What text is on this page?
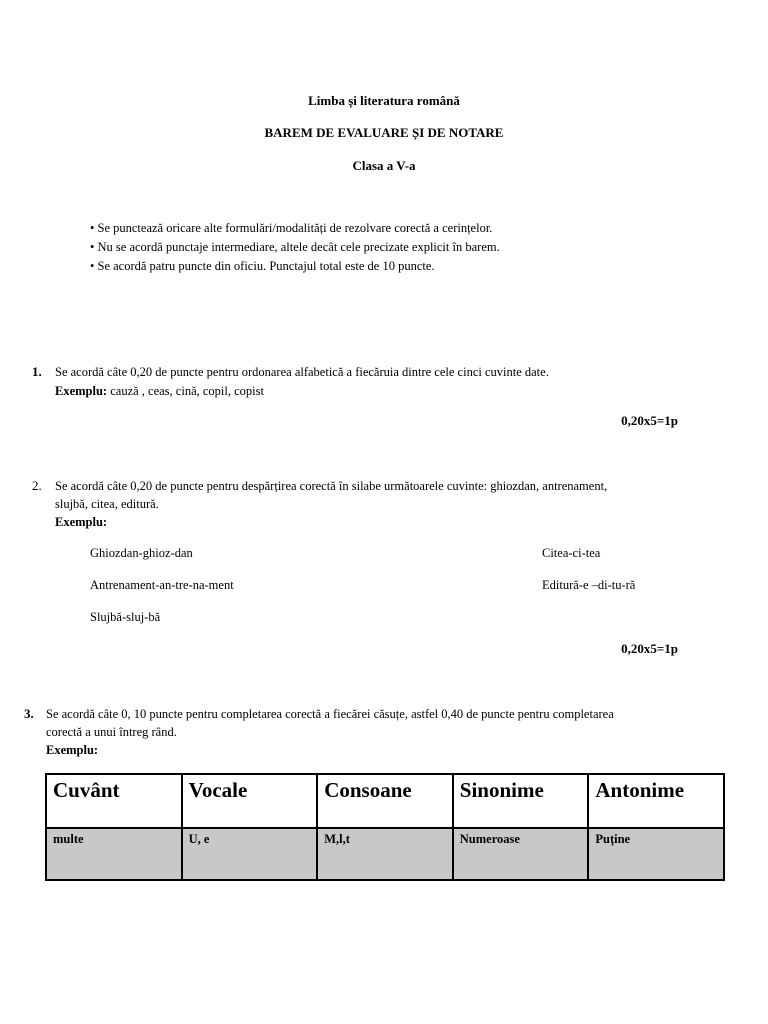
Limba și literatura română
BAREM DE EVALUARE ȘI DE NOTARE
Clasa a V-a
• Se punctează oricare alte formulări/modalități de rezolvare corectă a cerințelor.
• Nu se acordă punctaje intermediare, altele decât cele precizate explicit în barem.
• Se acordă patru puncte din oficiu. Punctajul total este de 10 puncte.
1. Se acordă câte 0,20 de puncte pentru ordonarea alfabetică a fiecăruia dintre cele cinci cuvinte date.
Exemplu: cauză , ceas, cină, copil, copist
0,20x5=1p
2. Se acordă câte 0,20 de puncte pentru despărțirea corectă în silabe următoarele cuvinte: ghiozdan, antrenament,
slujbă, citea, editură.
Exemplu:
Ghiozdan-ghioz-dan
Antrenament-an-tre-na-ment
Slujbă-sluj-bă
Citea-ci-tea
Editură-e –di-tu-ră
0,20x5=1p
3. Se acordă câte 0, 10 puncte pentru completarea corectă a fiecărei căsuțe, astfel 0,40 de puncte pentru completarea
corectă a unui întreg rând.
Exemplu:
Cuvânt	Vocale	Consoane	Sinonime	Antonime
multe	U, e	M,l,t	Numeroase	Puține
